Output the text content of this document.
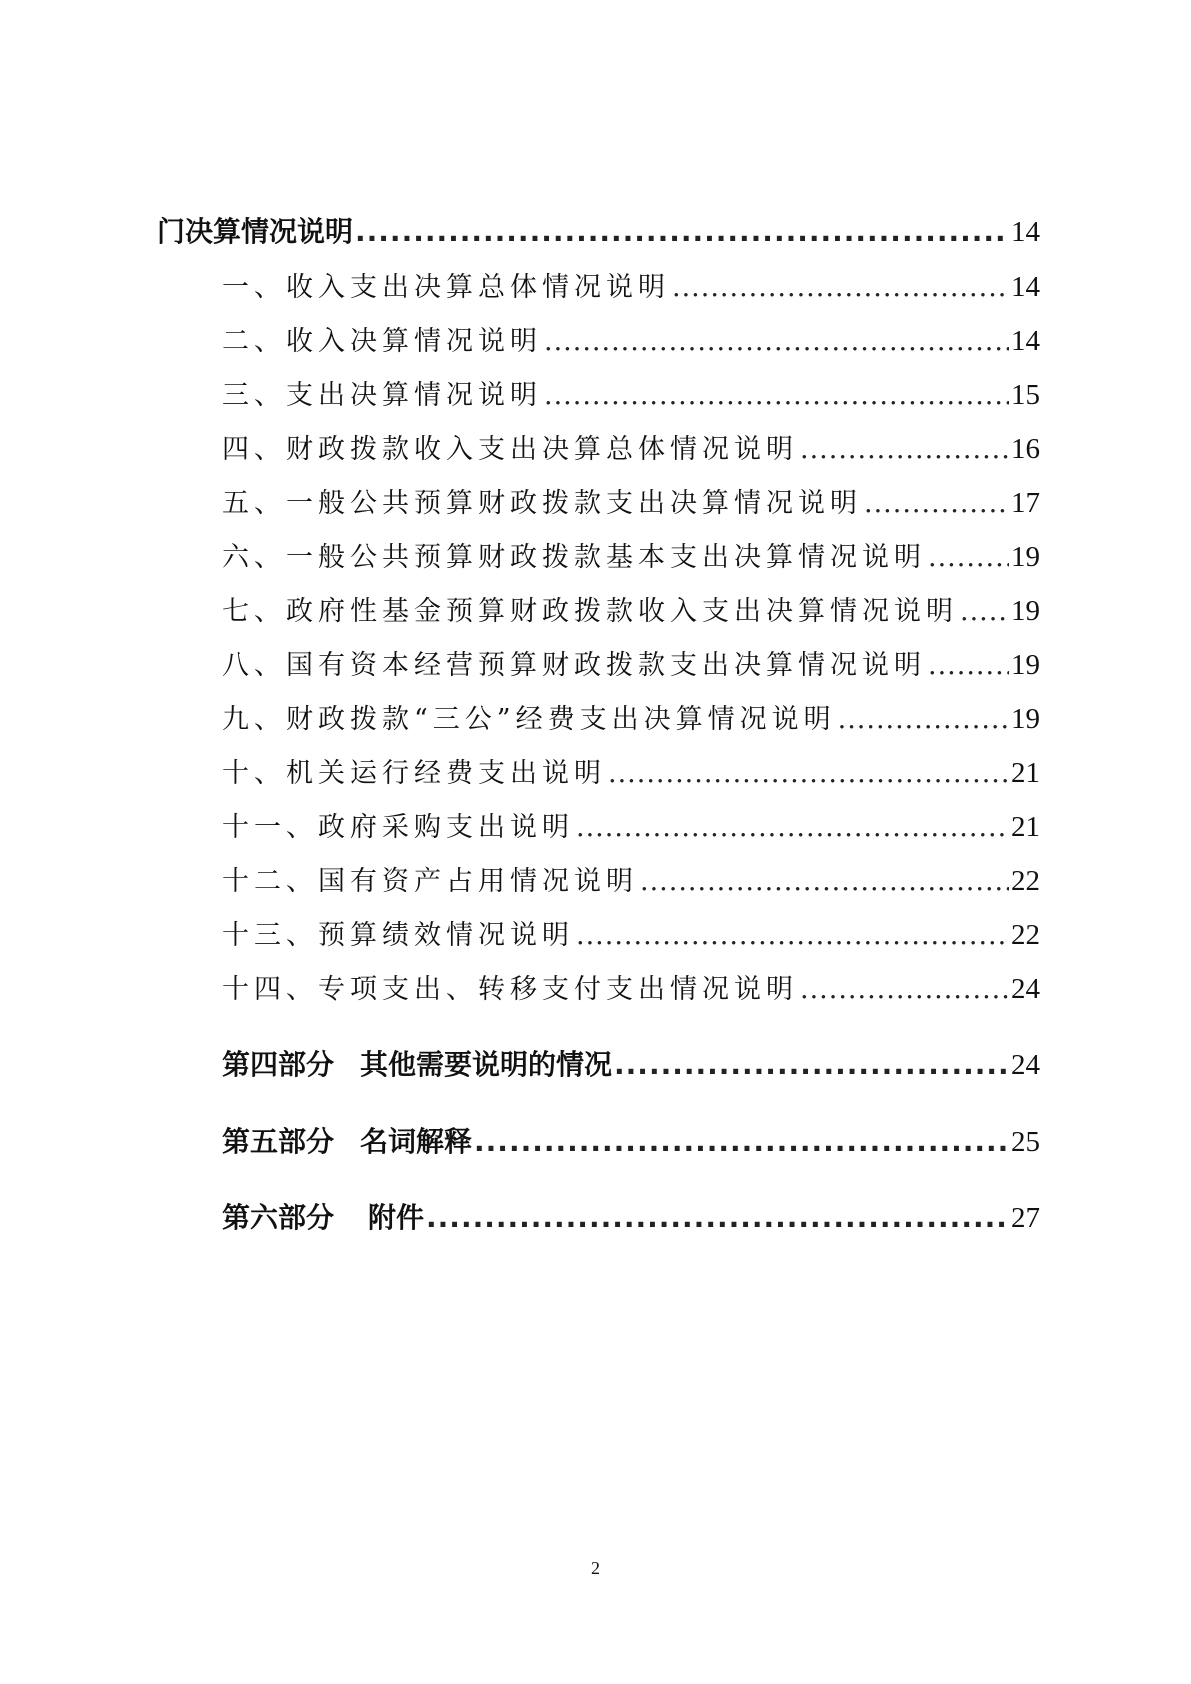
门决算情况说明 .....	14
一、收入支出决算总体情况说明 .....	14
二、收入决算情况说明 .....	14
三、支出决算情况说明 .....	15
四、财政拨款收入支出决算总体情况说明 .....	16
五、一般公共预算财政拨款支出决算情况说明 .....	17
六、一般公共预算财政拨款基本支出决算情况说明 .....	19
七、政府性基金预算财政拨款收入支出决算情况说明 ..... 19
八、国有资本经营预算财政拨款支出决算情况说明 .....	19
九、财政拨款“三公”经费支出决算情况说明 .....	19
十、机关运行经费支出说明 .....	21
十一、政府采购支出说明 .....	21
十二、国有资产占用情况说明 .....	22
十三、预算绩效情况说明 .....	22
十四、专项支出、转移支付支出情况说明 .....	24
第四部分 其他需要说明的情况 .....	24
第五部分 名词解释 .....	25
第六部分 附件 .....	27
2
